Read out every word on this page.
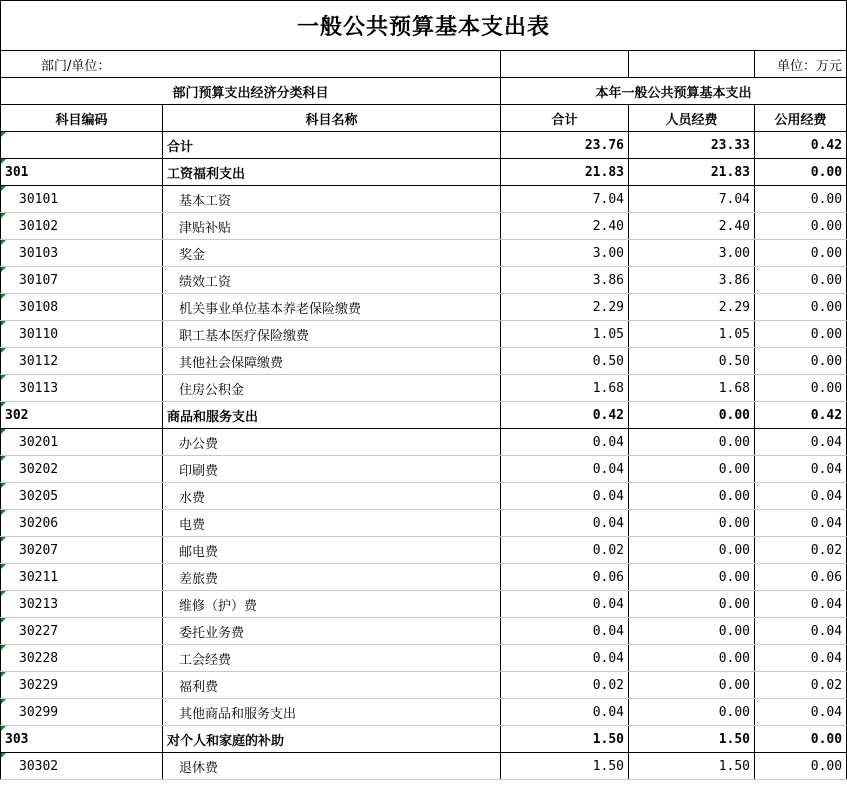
一般公共预算基本支出表				
部门/单位：				单位：万元
部门预算支出经济分类科目		本年一般公共预算基本支出		
科目编码	科目名称	合计	人员经费	公用经费
	合计	23.76	23.33	0.42
301	工资福利支出	21.83	21.83	0.00
30101	基本工资	7.04	7.04	0.00
30102	津贴补贴	2.40	2.40	0.00
30103	奖金	3.00	3.00	0.00
30107	绩效工资	3.86	3.86	0.00
30108	机关事业单位基本养老保险缴费	2.29	2.29	0.00
30110	职工基本医疗保险缴费	1.05	1.05	0.00
30112	其他社会保障缴费	0.50	0.50	0.00
30113	住房公积金	1.68	1.68	0.00
302	商品和服务支出	0.42	0.00	0.42
30201	办公费	0.04	0.00	0.04
30202	印刷费	0.04	0.00	0.04
30205	水费	0.04	0.00	0.04
30206	电费	0.04	0.00	0.04
30207	邮电费	0.02	0.00	0.02
30211	差旅费	0.06	0.00	0.06
30213	维修（护）费	0.04	0.00	0.04
30227	委托业务费	0.04	0.00	0.04
30228	工会经费	0.04	0.00	0.04
30229	福利费	0.02	0.00	0.02
30299	其他商品和服务支出	0.04	0.00	0.04
303	对个人和家庭的补助	1.50	1.50	0.00
30302	退休费	1.50	1.50	0.00
